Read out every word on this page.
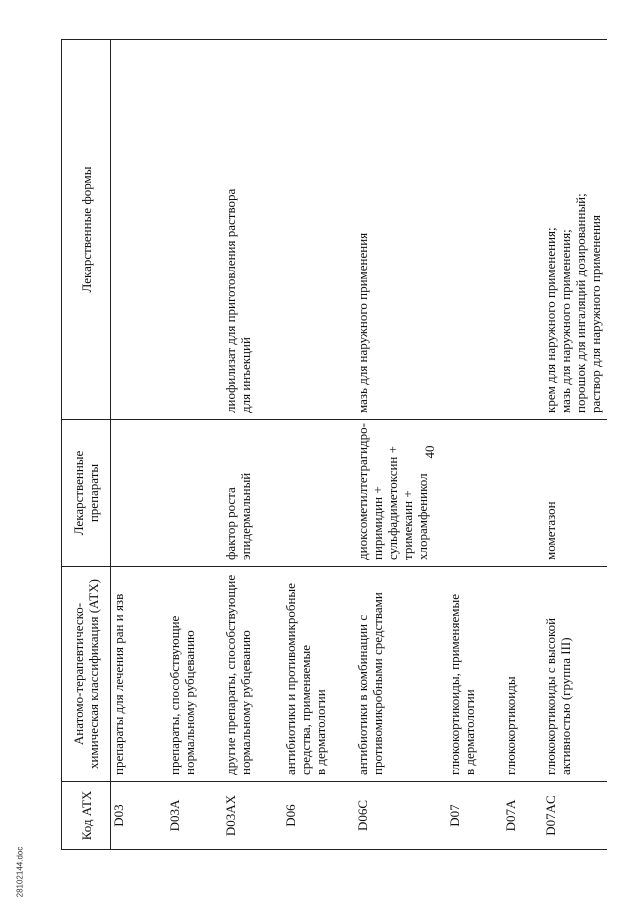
40
Код АТХ	Анатомо-терапевтическо-химическая классификация (АТХ)	Лекарственные препараты	Лекарственные формы

D03	препараты для лечения ран и язв		

D03A	препараты, способствующие нормальному рубцеванию		

D03AX	другие препараты, способствующие нормальному рубцеванию	фактор роста эпидермальный	лиофилизат для приготовления раствора для инъекций

D06	антибиотики и противомикробные средства, применяемые в дерматологии		

D06C	антибиотики в комбинации с противомикробными средствами	диоксометилтетрагидро- пиримидин + сульфадиметоксин + тримекаин + хлорамфеникол	мазь для наружного применения

D07	глюкокортикоиды, применяемые в дерматологии		

D07A	глюкокортикоиды		

D07AC	глюкокортикоиды с высокой активностью (группа III)	мометазон	крем для наружного применения; мазь для наружного применения; порошок для ингаляций дозированный; раствор для наружного применения
28102144.doc
